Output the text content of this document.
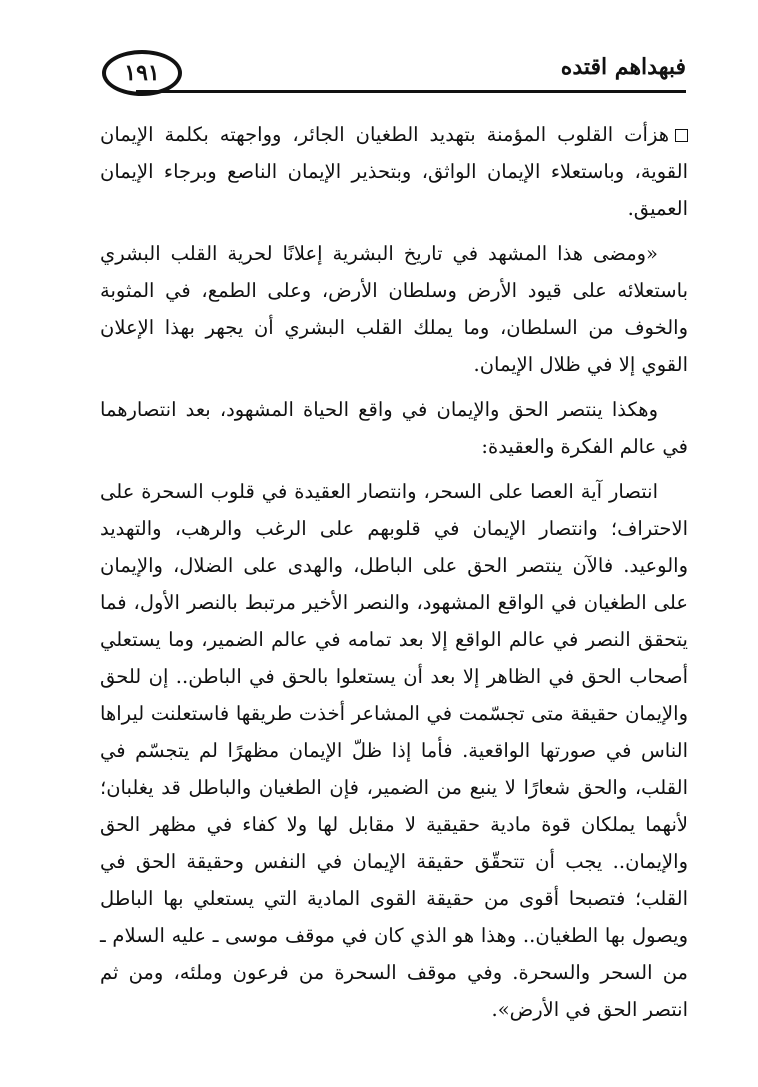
١٩١	فبهداهم اقتده

هزأت القلوب المؤمنة بتهديد الطغيان الجائر، وواجهته بكلمة الإيمان القوية، وباستعلاء الإيمان الواثق، وبتحذير الإيمان الناصع وبرجاء الإيمان العميق.

«ومضى هذا المشهد في تاريخ البشرية إعلانًا لحرية القلب البشري باستعلائه على قيود الأرض وسلطان الأرض، وعلى الطمع، في المثوبة والخوف من السلطان، وما يملك القلب البشري أن يجهر بهذا الإعلان القوي إلا في ظلال الإيمان.

وهكذا ينتصر الحق والإيمان في واقع الحياة المشهود، بعد انتصارهما في عالم الفكرة والعقيدة:

انتصار آية العصا على السحر، وانتصار العقيدة في قلوب السحرة على الاحتراف؛ وانتصار الإيمان في قلوبهم على الرغب والرهب، والتهديد والوعيد. فالآن ينتصر الحق على الباطل، والهدى على الضلال، والإيمان على الطغيان في الواقع المشهود، والنصر الأخير مرتبط بالنصر الأول، فما يتحقق النصر في عالم الواقع إلا بعد تمامه في عالم الضمير، وما يستعلي أصحاب الحق في الظاهر إلا بعد أن يستعلوا بالحق في الباطن.. إن للحق والإيمان حقيقة متى تجسّمت في المشاعر أخذت طريقها فاستعلنت ليراها الناس في صورتها الواقعية. فأما إذا ظلّ الإيمان مظهرًا لم يتجسّم في القلب، والحق شعارًا لا ينبع من الضمير، فإن الطغيان والباطل قد يغلبان؛ لأنهما يملكان قوة مادية حقيقية لا مقابل لها ولا كفاء في مظهر الحق والإيمان.. يجب أن تتحقّق حقيقة الإيمان في النفس وحقيقة الحق في القلب؛ فتصبحا أقوى من حقيقة القوى المادية التي يستعلي بها الباطل ويصول بها الطغيان.. وهذا هو الذي كان في موقف موسى ـ عليه السلام ـ من السحر والسحرة. وفي موقف السحرة من فرعون وملئه، ومن ثم انتصر الحق في الأرض».
